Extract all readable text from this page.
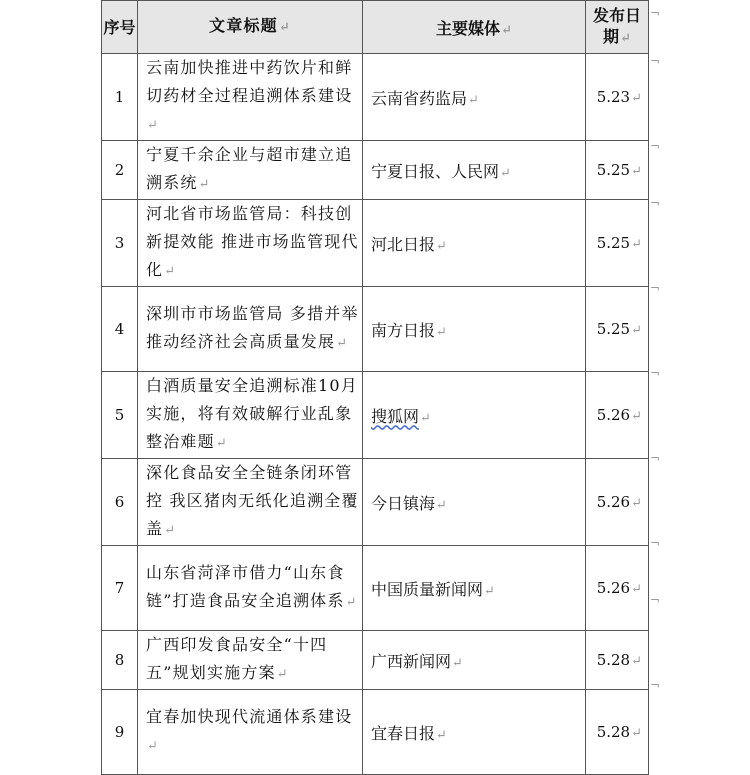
序号	文章标题↵	主要媒体↵	发布日期↵
1	云南加快推进中药饮片和鲜切药材全过程追溯体系建设↵	云南省药监局↵	5.23↵
2	宁夏千余企业与超市建立追溯系统↵	宁夏日报、人民网↵	5.25↵
3	河北省市场监管局：科技创新提效能 推进市场监管现代化↵	河北日报↵	5.25↵
4	深圳市市场监管局 多措并举推动经济社会高质量发展↵	南方日报↵	5.25↵
5	白酒质量安全追溯标准10月实施，将有效破解行业乱象整治难题↵	搜狐网↵	5.26↵
6	深化食品安全全链条闭环管控 我区猪肉无纸化追溯全覆盖↵	今日镇海↵	5.26↵
7	山东省菏泽市借力“山东食链”打造食品安全追溯体系↵	中国质量新闻网↵	5.26↵
8	广西印发食品安全“十四五”规划实施方案↵	广西新闻网↵	5.28↵
9	宜春加快现代流通体系建设↵	宜春日报↵	5.28↵
¬
¬
¬
¬
¬
¬
¬
¬
¬
¬
